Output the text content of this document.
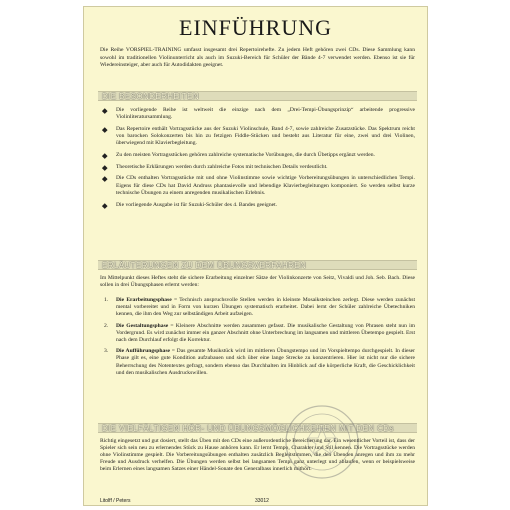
EINFÜHRUNG
Die Reihe VORSPIEL-TRAINING umfasst insgesamt drei Repertoirehefte. Zu jedem Heft gehören zwei CDs. Diese Sammlung kann sowohl im traditionellen Violinunterricht als auch im Suzuki-Bereich für Schüler der Bände 4-7 verwendet werden. Ebenso ist sie für Wiedereinsteiger, aber auch für Autodidakten geeignet.
DIE BESONDERHEITEN
Die vorliegende Reihe ist weltweit die einzige nach dem „Drei-Tempi-Übungsprinzip“ arbeitende progressive Violinliteratursammlung.
Das Repertoire enthält Vortragsstücke aus der Suzuki Violinschule, Band 4-7, sowie zahlreiche Zusatzstücke. Das Spektrum reicht von barocken Solokonzerten bis hin zu fetzigen Fiddle-Stücken und besteht aus Literatur für eine, zwei und drei Violinen, überwiegend mit Klavierbegleitung.
Zu den meisten Vortragsstücken gehören zahlreiche systematische Vorübungen, die durch Übetipps ergänzt werden.
Theoretische Erklärungen werden durch zahlreiche Fotos mit technischen Details verdeutlicht.
Die CDs enthalten Vortragsstücke mit und ohne Violinstimme sowie wichtige Vorbereitungsübungen in unterschiedlichen Tempi. Eigens für diese CDs hat David Andruss phantasievolle und lebendige Klavierbegleitungen komponiert. So werden selbst kurze technische Übungen zu einem anregenden musikalischen Erlebnis.
Die vorliegende Ausgabe ist für Suzuki-Schüler des 4. Bandes geeignet.
ERLÄUTERUNGEN ZU DEM ÜBUNGSVERFAHREN
Im Mittelpunkt dieses Heftes steht die sichere Erarbeitung einzelner Sätze der Violinkonzerte von Seitz, Vivaldi und Joh. Seb. Bach. Diese sollen in drei Übungsphasen erlernt werden:
1. Die Erarbeitungsphase = Technisch anspruchsvolle Stellen werden in kleinste Mosaiksteinchen zerlegt. Diese werden zunächst mental vorbereitet und in Form von kurzen Übungen systematisch erarbeitet. Dabei lernt der Schüler zahlreiche Übetechniken kennen, die ihm den Weg zur selbständigen Arbeit aufzeigen.
2. Die Gestaltungsphase = Kleinere Abschnitte werden zusammen gefasst. Die musikalische Gestaltung von Phrasen steht nun im Vordergrund. Es wird zunächst immer ein ganzer Abschnitt ohne Unterbrechung im langsamen und mittleren Übetempo gespielt. Erst nach dem Durchlauf erfolgt die Korrektur.
3. Die Aufführungsphase = Das gesamte Musikstück wird im mittleren Übungstempo und im Vorspieltempo durchgespielt. In dieser Phase gilt es, eine gute Kondition aufzubauen und sich über eine lange Strecke zu konzentrieren. Hier ist nicht nur die sichere Beherrschung des Notentextes gefragt, sondern ebenso das Durchhalten im Hinblick auf die körperliche Kraft, die Geschicklichkeit und den musikalischen Ausdruckswillen.
DIE VIELFÄLTIGEN HÖR- UND ÜBUNGSMÖGLICHKEITEN MIT DEN CDs
Richtig eingesetzt und gut dosiert, stellt das Üben mit den CDs eine außerordentliche Bereicherung dar. Ein wesentlicher Vorteil ist, dass der Spieler sich sein neu zu erlernendes Stück zu Hause anhören kann. Er lernt Tempo, Charakter und Stil kennen. Die Vortragsstücke werden ohne Violinstimme gespielt. Die Vorbereitungsübungen enthalten zusätzlich Begleitstimmen, die den Übenden anregen und ihm zu mehr Freude und Ausdruck verhelfen. Die Übungen werden selbst bei langsamen Tempi ganz unterlegt und ablaufen, wenn er beispielsweise beim Erlernen eines langsamen Satzes einer Händel-Sonate den Generalbass innerlich mithört.
Litolff / Peters	33012
